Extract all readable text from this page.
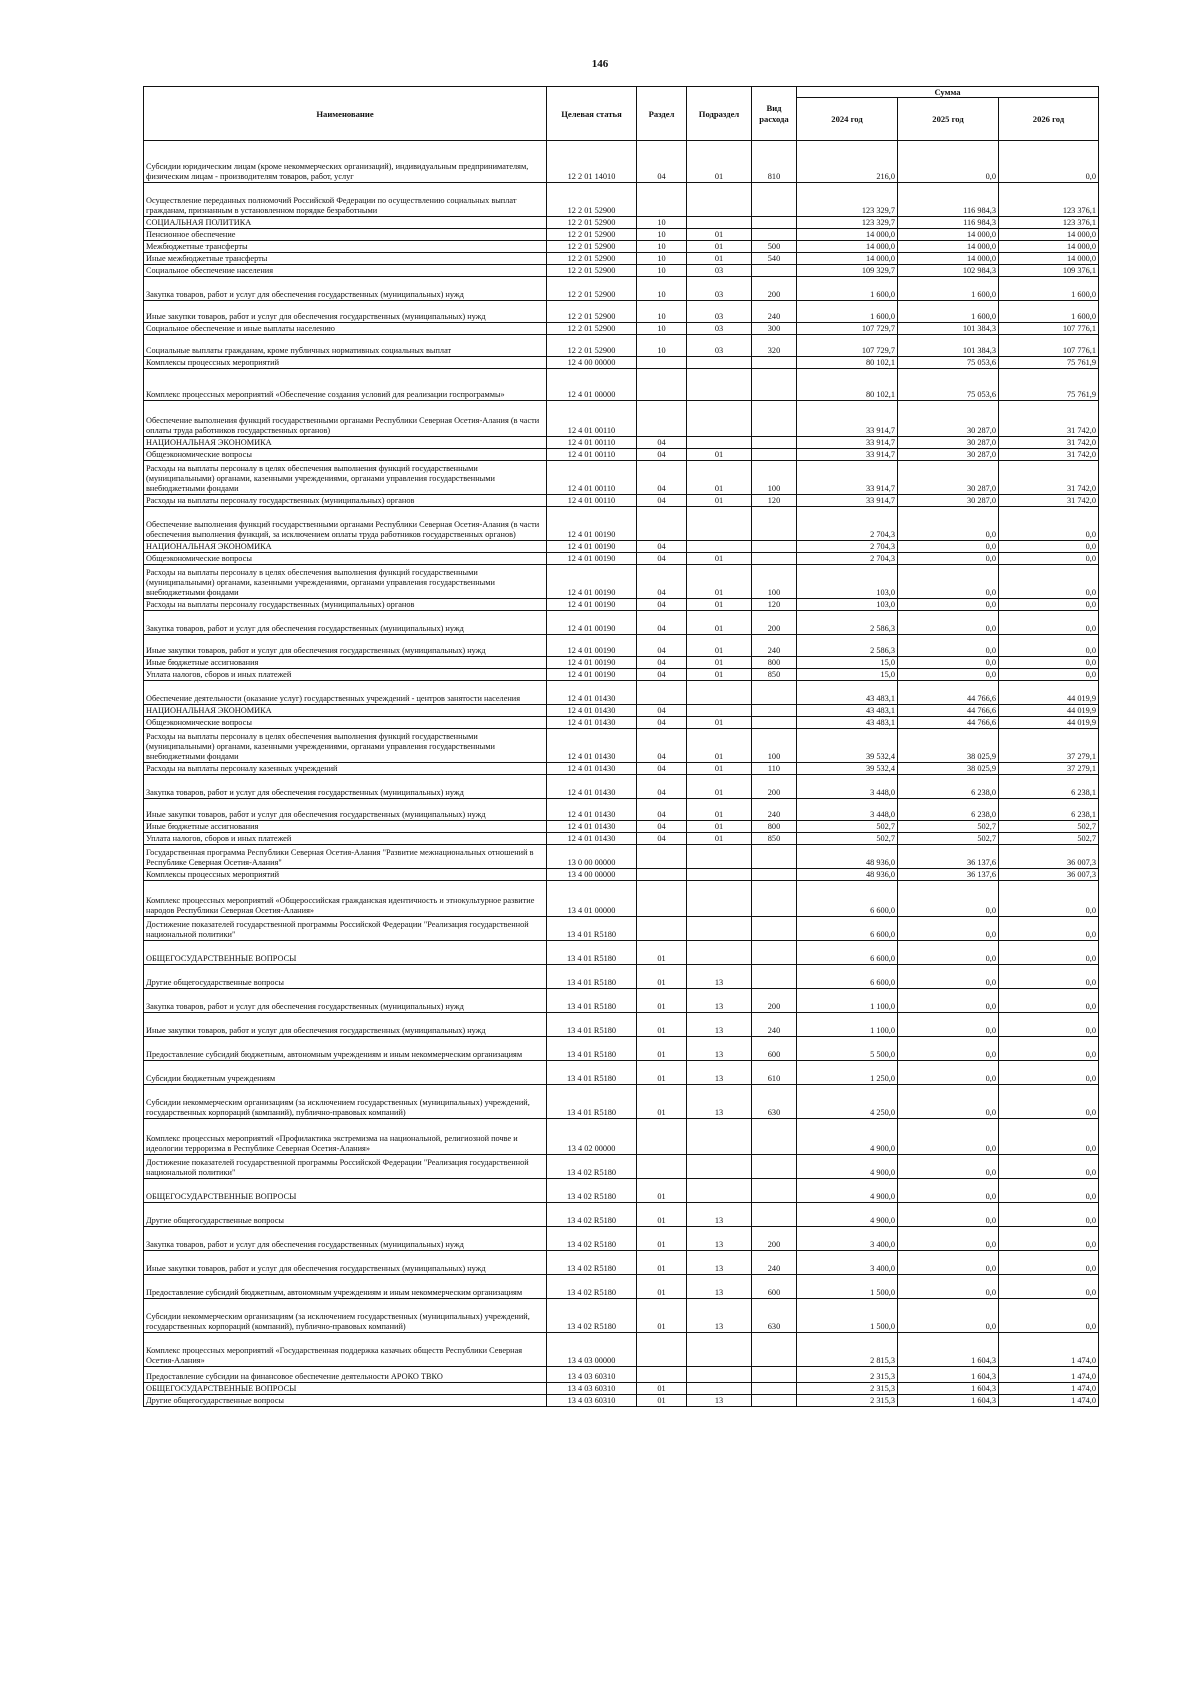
146
Наименование	Целевая статья	Раздел	Подраздел	Вид расхода	Сумма		
					2024 год	2025 год	2026 год
Субсидии юридическим лицам (кроме некоммерческих организаций), индивидуальным предпринимателям, физическим лицам - производителям товаров, работ, услуг	12 2 01 14010	04	01	810	216,0	0,0	0,0
Осуществление переданных полномочий Российской Федерации по осуществлению социальных выплат гражданам, признанным в установленном порядке безработными	12 2 01 52900				123 329,7	116 984,3	123 376,1
СОЦИАЛЬНАЯ ПОЛИТИКА	12 2 01 52900	10			123 329,7	116 984,3	123 376,1
Пенсионное обеспечение	12 2 01 52900	10	01		14 000,0	14 000,0	14 000,0
Межбюджетные трансферты	12 2 01 52900	10	01	500	14 000,0	14 000,0	14 000,0
Иные межбюджетные трансферты	12 2 01 52900	10	01	540	14 000,0	14 000,0	14 000,0
Социальное обеспечение населения	12 2 01 52900	10	03		109 329,7	102 984,3	109 376,1
Закупка товаров, работ и услуг для обеспечения государственных (муниципальных) нужд	12 2 01 52900	10	03	200	1 600,0	1 600,0	1 600,0
Иные закупки товаров, работ и услуг для обеспечения государственных (муниципальных) нужд	12 2 01 52900	10	03	240	1 600,0	1 600,0	1 600,0
Социальное обеспечение и иные выплаты населению	12 2 01 52900	10	03	300	107 729,7	101 384,3	107 776,1
Социальные выплаты гражданам, кроме публичных нормативных социальных выплат	12 2 01 52900	10	03	320	107 729,7	101 384,3	107 776,1
Комплексы процессных мероприятий	12 4 00 00000				80 102,1	75 053,6	75 761,9
Комплекс процессных мероприятий «Обеспечение создания условий для реализации госпрограммы»	12 4 01 00000				80 102,1	75 053,6	75 761,9
Обеспечение выполнения функций государственными органами Республики Северная Осетия-Алания (в части оплаты труда работников государственных органов)	12 4 01 00110				33 914,7	30 287,0	31 742,0
НАЦИОНАЛЬНАЯ ЭКОНОМИКА	12 4 01 00110	04			33 914,7	30 287,0	31 742,0
Общеэкономические вопросы	12 4 01 00110	04	01		33 914,7	30 287,0	31 742,0
Расходы на выплаты персоналу в целях обеспечения выполнения функций государственными (муниципальными) органами, казенными учреждениями, органами управления государственными внебюджетными фондами	12 4 01 00110	04	01	100	33 914,7	30 287,0	31 742,0
Расходы на выплаты персоналу государственных (муниципальных) органов	12 4 01 00110	04	01	120	33 914,7	30 287,0	31 742,0
Обеспечение выполнения функций государственными органами Республики Северная Осетия-Алания (в части обеспечения выполнения функций, за исключением оплаты труда работников государственных органов)	12 4 01 00190				2 704,3	0,0	0,0
НАЦИОНАЛЬНАЯ ЭКОНОМИКА	12 4 01 00190	04			2 704,3	0,0	0,0
Общеэкономические вопросы	12 4 01 00190	04	01		2 704,3	0,0	0,0
Расходы на выплаты персоналу в целях обеспечения выполнения функций государственными (муниципальными) органами, казенными учреждениями, органами управления государственными внебюджетными фондами	12 4 01 00190	04	01	100	103,0	0,0	0,0
Расходы на выплаты персоналу государственных (муниципальных) органов	12 4 01 00190	04	01	120	103,0	0,0	0,0
Закупка товаров, работ и услуг для обеспечения государственных (муниципальных) нужд	12 4 01 00190	04	01	200	2 586,3	0,0	0,0
Иные закупки товаров, работ и услуг для обеспечения государственных (муниципальных) нужд	12 4 01 00190	04	01	240	2 586,3	0,0	0,0
Иные бюджетные ассигнования	12 4 01 00190	04	01	800	15,0	0,0	0,0
Уплата налогов, сборов и иных платежей	12 4 01 00190	04	01	850	15,0	0,0	0,0
Обеспечение деятельности (оказание услуг) государственных учреждений - центров занятости населения	12 4 01 01430				43 483,1	44 766,6	44 019,9
НАЦИОНАЛЬНАЯ ЭКОНОМИКА	12 4 01 01430	04			43 483,1	44 766,6	44 019,9
Общеэкономические вопросы	12 4 01 01430	04	01		43 483,1	44 766,6	44 019,9
Расходы на выплаты персоналу в целях обеспечения выполнения функций государственными (муниципальными) органами, казенными учреждениями, органами управления государственными внебюджетными фондами	12 4 01 01430	04	01	100	39 532,4	38 025,9	37 279,1
Расходы на выплаты персоналу казенных учреждений	12 4 01 01430	04	01	110	39 532,4	38 025,9	37 279,1
Закупка товаров, работ и услуг для обеспечения государственных (муниципальных) нужд	12 4 01 01430	04	01	200	3 448,0	6 238,0	6 238,1
Иные закупки товаров, работ и услуг для обеспечения государственных (муниципальных) нужд	12 4 01 01430	04	01	240	3 448,0	6 238,0	6 238,1
Иные бюджетные ассигнования	12 4 01 01430	04	01	800	502,7	502,7	502,7
Уплата налогов, сборов и иных платежей	12 4 01 01430	04	01	850	502,7	502,7	502,7
Государственная программа Республики Северная Осетия-Алания "Развитие межнациональных отношений в Республике Северная Осетия-Алания"	13 0 00 00000				48 936,0	36 137,6	36 007,3
Комплексы процессных мероприятий	13 4 00 00000				48 936,0	36 137,6	36 007,3
Комплекс процессных мероприятий «Общероссийская гражданская идентичность и этнокультурное развитие народов Республики Северная Осетия-Алания»	13 4 01 00000				6 600,0	0,0	0,0
Достижение показателей государственной программы Российской Федерации "Реализация государственной национальной политики"	13 4 01 R5180				6 600,0	0,0	0,0
ОБЩЕГОСУДАРСТВЕННЫЕ ВОПРОСЫ	13 4 01 R5180	01			6 600,0	0,0	0,0
Другие общегосударственные вопросы	13 4 01 R5180	01	13		6 600,0	0,0	0,0
Закупка товаров, работ и услуг для обеспечения государственных (муниципальных) нужд	13 4 01 R5180	01	13	200	1 100,0	0,0	0,0
Иные закупки товаров, работ и услуг для обеспечения государственных (муниципальных) нужд	13 4 01 R5180	01	13	240	1 100,0	0,0	0,0
Предоставление субсидий бюджетным, автономным учреждениям и иным некоммерческим организациям	13 4 01 R5180	01	13	600	5 500,0	0,0	0,0
Субсидии бюджетным учреждениям	13 4 01 R5180	01	13	610	1 250,0	0,0	0,0
Субсидии некоммерческим организациям (за исключением государственных (муниципальных) учреждений, государственных корпораций (компаний), публично-правовых компаний)	13 4 01 R5180	01	13	630	4 250,0	0,0	0,0
Комплекс процессных мероприятий «Профилактика экстремизма на национальной, религиозной почве и идеологии терроризма в Республике Северная Осетия-Алания»	13 4 02 00000				4 900,0	0,0	0,0
Достижение показателей государственной программы Российской Федерации "Реализация государственной национальной политики"	13 4 02 R5180				4 900,0	0,0	0,0
ОБЩЕГОСУДАРСТВЕННЫЕ ВОПРОСЫ	13 4 02 R5180	01			4 900,0	0,0	0,0
Другие общегосударственные вопросы	13 4 02 R5180	01	13		4 900,0	0,0	0,0
Закупка товаров, работ и услуг для обеспечения государственных (муниципальных) нужд	13 4 02 R5180	01	13	200	3 400,0	0,0	0,0
Иные закупки товаров, работ и услуг для обеспечения государственных (муниципальных) нужд	13 4 02 R5180	01	13	240	3 400,0	0,0	0,0
Предоставление субсидий бюджетным, автономным учреждениям и иным некоммерческим организациям	13 4 02 R5180	01	13	600	1 500,0	0,0	0,0
Субсидии некоммерческим организациям (за исключением государственных (муниципальных) учреждений, государственных корпораций (компаний), публично-правовых компаний)	13 4 02 R5180	01	13	630	1 500,0	0,0	0,0
Комплекс процессных мероприятий «Государственная поддержка казачьих обществ Республики Северная Осетия-Алания»	13 4 03 00000				2 815,3	1 604,3	1 474,0
Предоставление субсидии на финансовое обеспечение деятельности АРОКО ТВКО	13 4 03 60310				2 315,3	1 604,3	1 474,0
ОБЩЕГОСУДАРСТВЕННЫЕ ВОПРОСЫ	13 4 03 60310	01			2 315,3	1 604,3	1 474,0
Другие общегосударственные вопросы	13 4 03 60310	01	13		2 315,3	1 604,3	1 474,0
